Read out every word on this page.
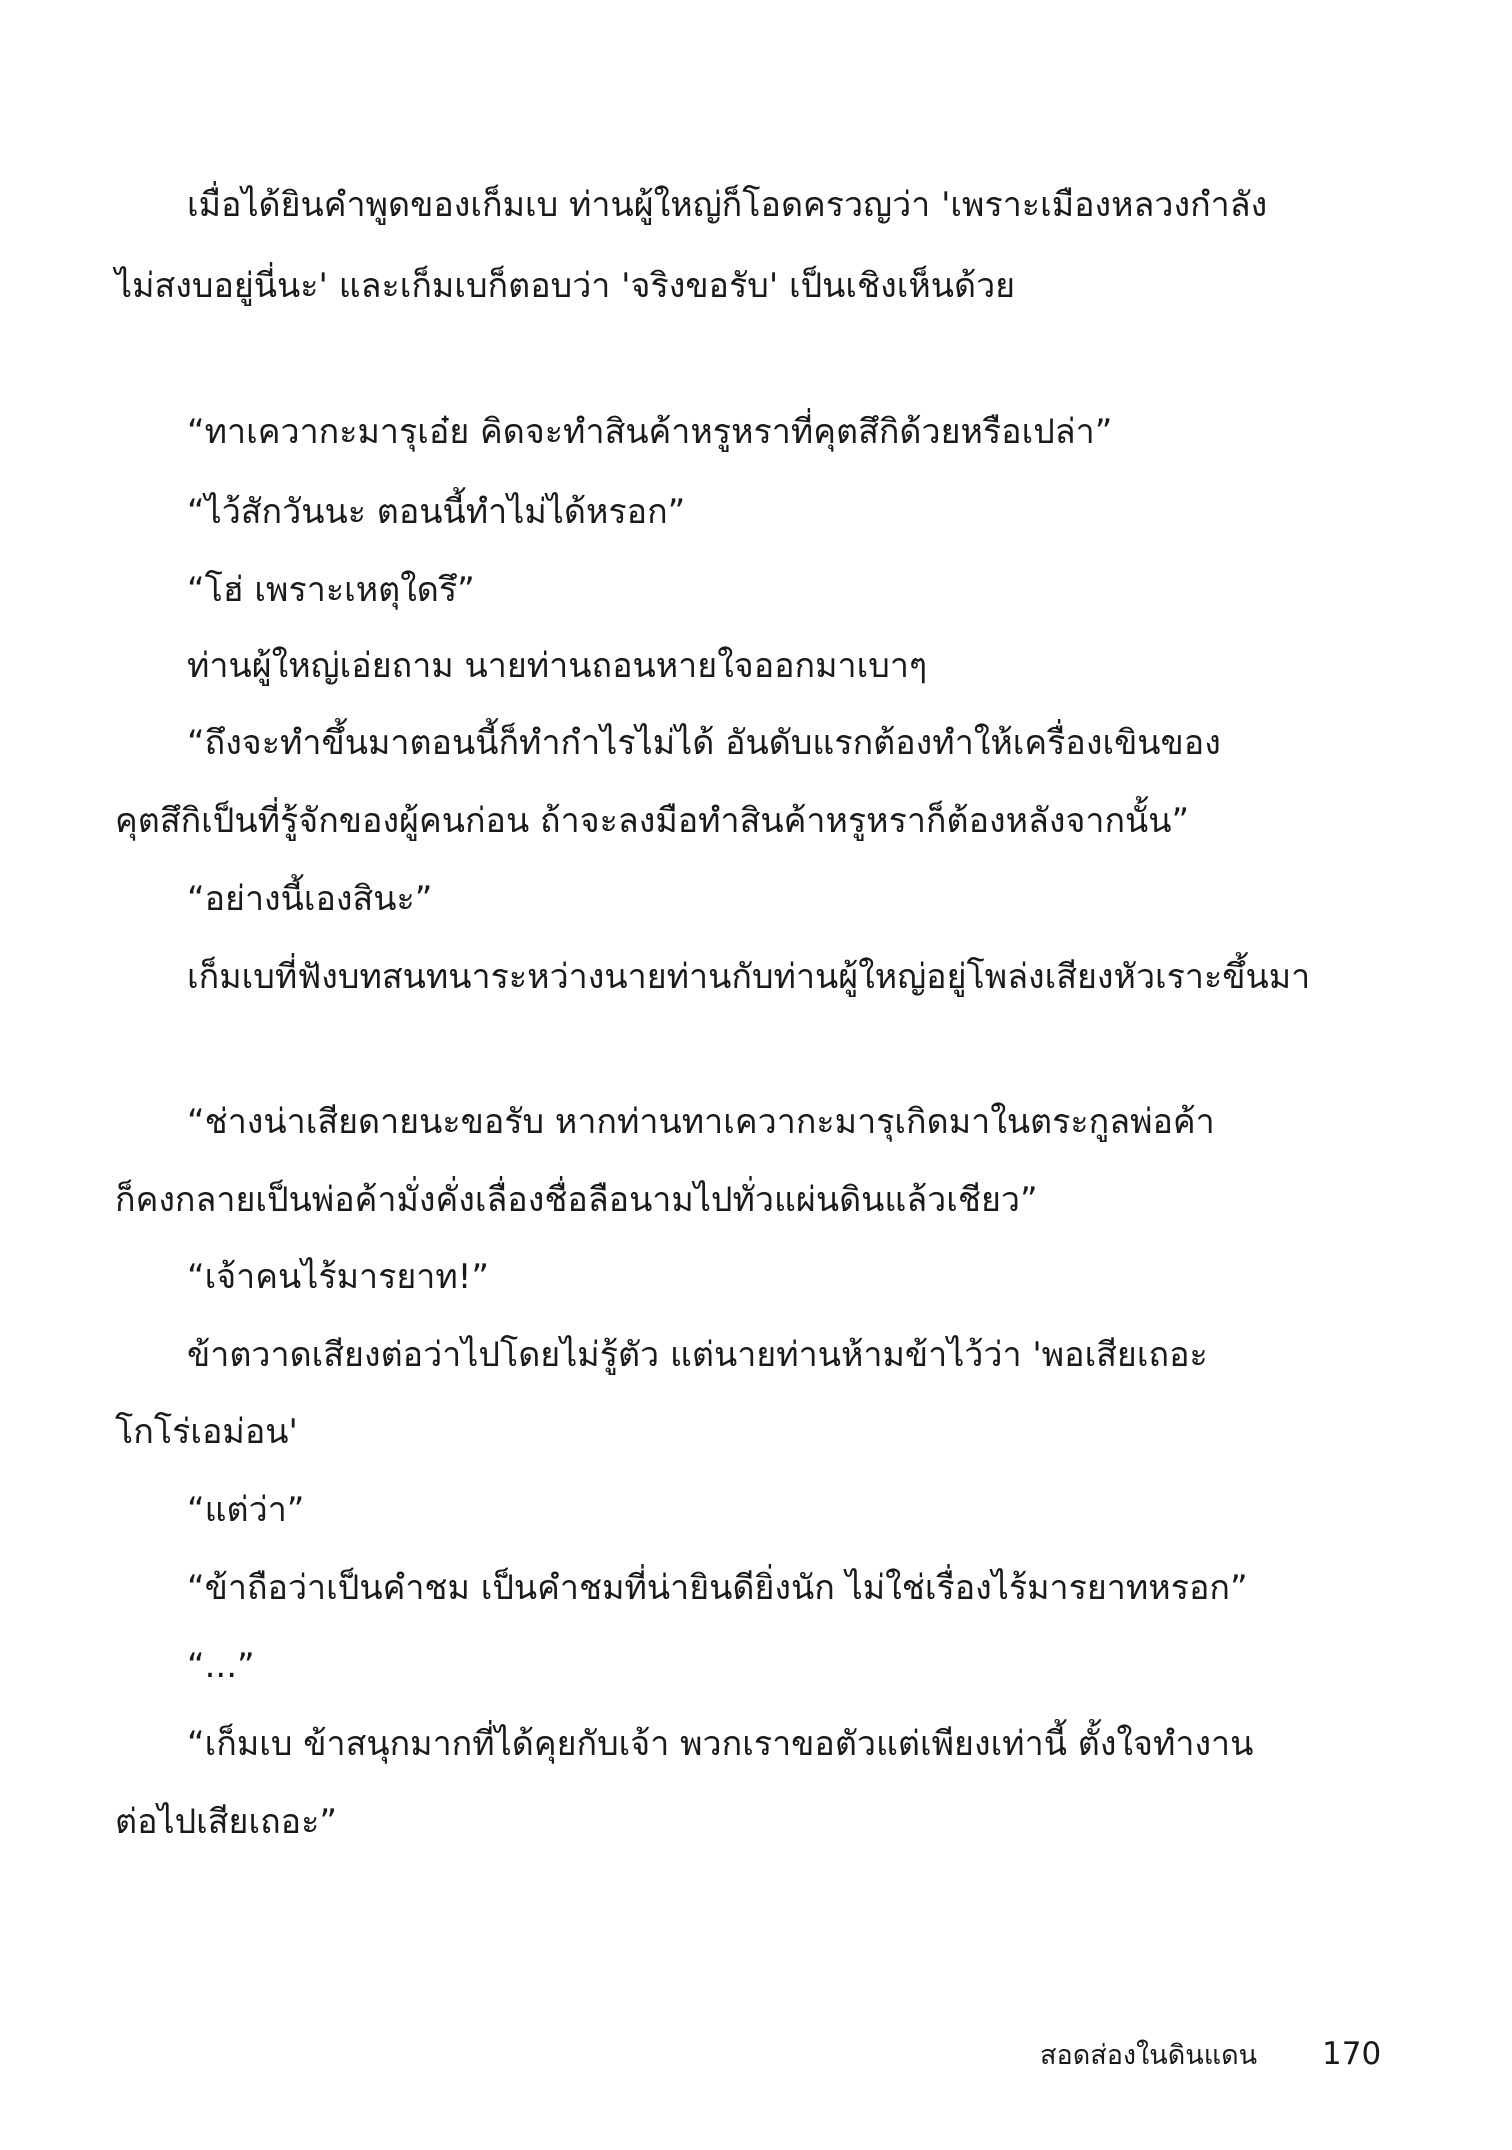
เมื่อได้ยินคำพูดของเก็มเบ ท่านผู้ใหญ่ก็โอดครวญว่า 'เพราะเมืองหลวงกำลัง
ไม่สงบอยู่นี่นะ' และเก็มเบก็ตอบว่า 'จริงขอรับ' เป็นเชิงเห็นด้วย
“ทาเควากะมารุเอ๋ย คิดจะทำสินค้าหรูหราที่คุตสึกิด้วยหรือเปล่า”
“ไว้สักวันนะ ตอนนี้ทำไม่ได้หรอก”
“โฮ่ เพราะเหตุใดรึ”
ท่านผู้ใหญ่เอ่ยถาม นายท่านถอนหายใจออกมาเบาๆ
“ถึงจะทำขึ้นมาตอนนี้ก็ทำกำไรไม่ได้ อันดับแรกต้องทำให้เครื่องเขินของ
คุตสึกิเป็นที่รู้จักของผู้คนก่อน ถ้าจะลงมือทำสินค้าหรูหราก็ต้องหลังจากนั้น”
“อย่างนี้เองสินะ”
เก็มเบที่ฟังบทสนทนาระหว่างนายท่านกับท่านผู้ใหญ่อยู่โพล่งเสียงหัวเราะขึ้นมา
“ช่างน่าเสียดายนะขอรับ หากท่านทาเควากะมารุเกิดมาในตระกูลพ่อค้า
ก็คงกลายเป็นพ่อค้ามั่งคั่งเลื่องชื่อลือนามไปทั่วแผ่นดินแล้วเชียว”
“เจ้าคนไร้มารยาท!”
ข้าตวาดเสียงต่อว่าไปโดยไม่รู้ตัว แต่นายท่านห้ามข้าไว้ว่า 'พอเสียเถอะ
โกโร่เอม่อน'
“แต่ว่า”
“ข้าถือว่าเป็นคำชม เป็นคำชมที่น่ายินดียิ่งนัก ไม่ใช่เรื่องไร้มารยาทหรอก”
“...”
“เก็มเบ ข้าสนุกมากที่ได้คุยกับเจ้า พวกเราขอตัวแต่เพียงเท่านี้ ตั้งใจทำงาน
ต่อไปเสียเถอะ”
สอดส่องในดินแดน 170
